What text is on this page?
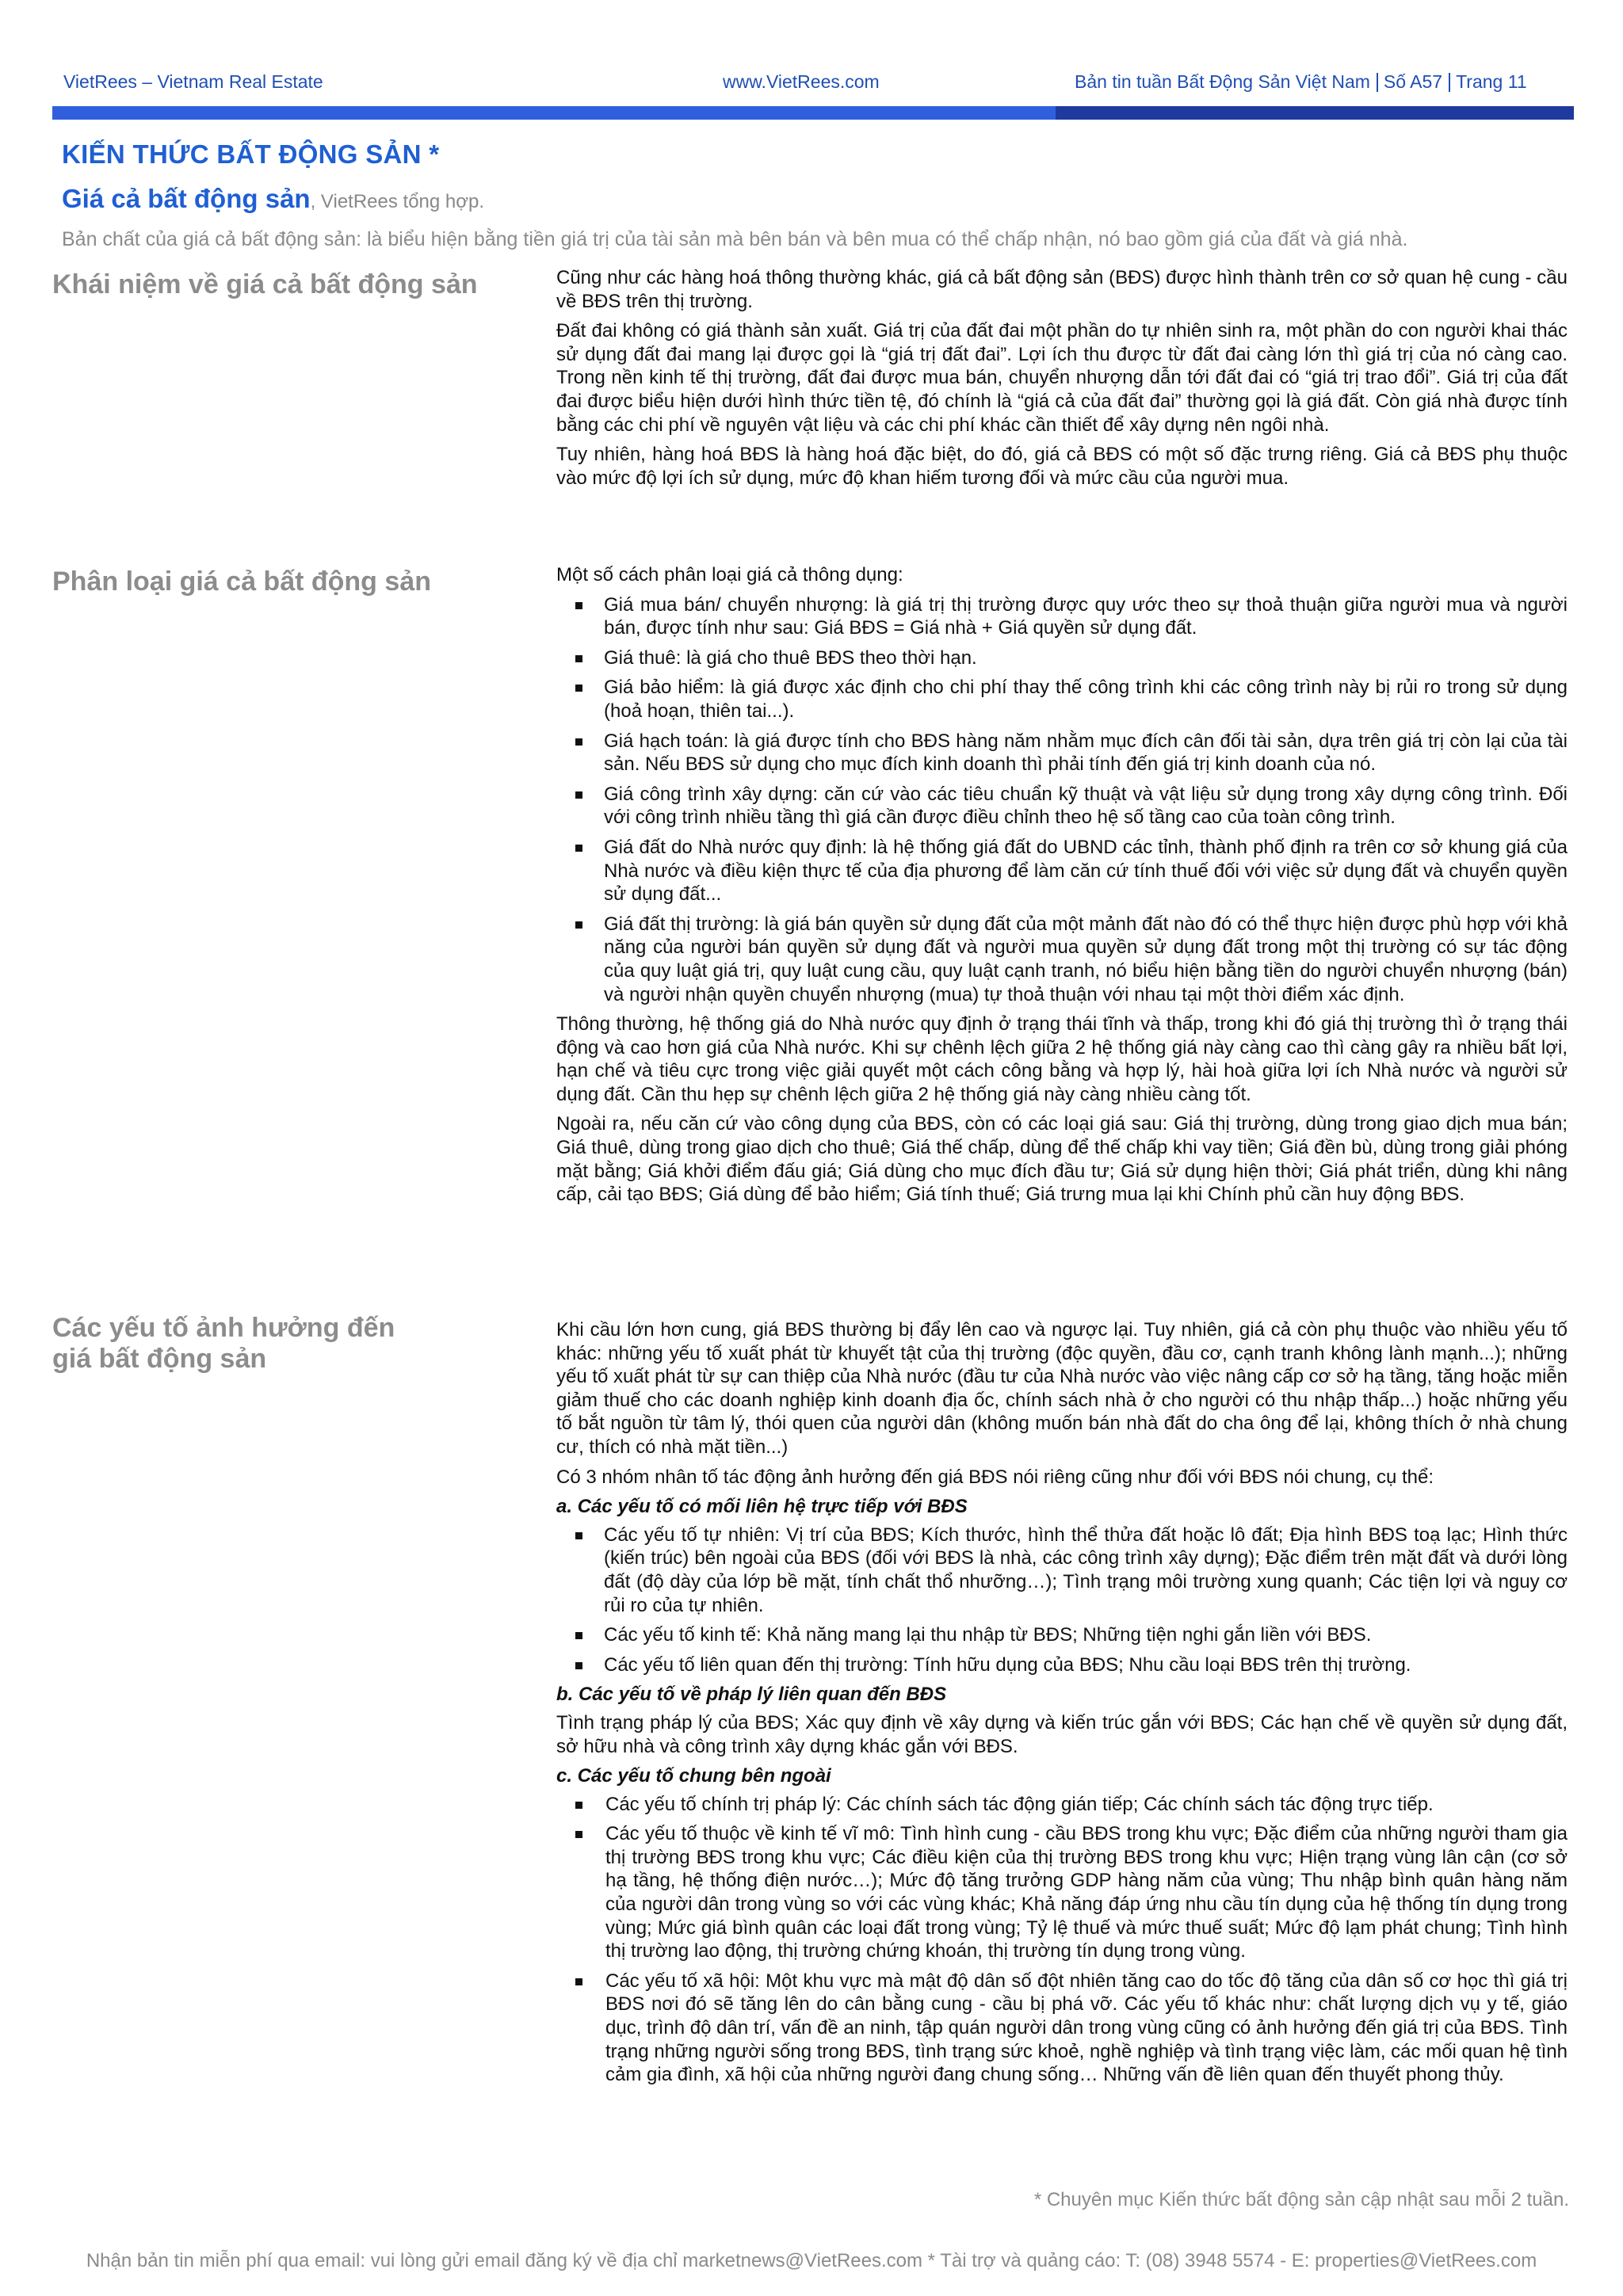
VietRees – Vietnam Real Estate	www.VietRees.com	Bản tin tuần Bất Động Sản Việt Nam Số A57 Trang 11
KIẾN THỨC BẤT ĐỘNG SẢN *
Giá cả bất động sản, VietRees tổng hợp.
Bản chất của giá cả bất động sản: là biểu hiện bằng tiền giá trị của tài sản mà bên bán và bên mua có thể chấp nhận, nó bao gồm giá của đất và giá nhà.
Khái niệm về giá cả bất động sản	Cũng như các hàng hoá thông thường khác, giá cả bất động sản (BĐS) được hình thành trên cơ sở quan hệ cung - cầu về BĐS trên thị trường.

Đất đai không có giá thành sản xuất. Giá trị của đất đai một phần do tự nhiên sinh ra, một phần do con người khai thác sử dụng đất đai mang lại được gọi là “giá trị đất đai”. Lợi ích thu được từ đất đai càng lớn thì giá trị của nó càng cao. Trong nền kinh tế thị trường, đất đai được mua bán, chuyển nhượng dẫn tới đất đai có “giá trị trao đổi”. Giá trị của đất đai được biểu hiện dưới hình thức tiền tệ, đó chính là “giá cả của đất đai” thường gọi là giá đất. Còn giá nhà được tính bằng các chi phí về nguyên vật liệu và các chi phí khác cần thiết để xây dựng nên ngôi nhà.

Tuy nhiên, hàng hoá BĐS là hàng hoá đặc biệt, do đó, giá cả BĐS có một số đặc trưng riêng. Giá cả BĐS phụ thuộc vào mức độ lợi ích sử dụng, mức độ khan hiếm tương đối và mức cầu của người mua.

Phân loại giá cả bất động sản	Một số cách phân loại giá cả thông dụng:

Giá mua bán/ chuyển nhượng: là giá trị thị trường được quy ước theo sự thoả thuận giữa người mua và người bán, được tính như sau: Giá BĐS = Giá nhà + Giá quyền sử dụng đất.
Giá thuê: là giá cho thuê BĐS theo thời hạn.
Giá bảo hiểm: là giá được xác định cho chi phí thay thế công trình khi các công trình này bị rủi ro trong sử dụng (hoả hoạn, thiên tai...).
Giá hạch toán: là giá được tính cho BĐS hàng năm nhằm mục đích cân đối tài sản, dựa trên giá trị còn lại của tài sản. Nếu BĐS sử dụng cho mục đích kinh doanh thì phải tính đến giá trị kinh doanh của nó.
Giá công trình xây dựng: căn cứ vào các tiêu chuẩn kỹ thuật và vật liệu sử dụng trong xây dựng công trình. Đối với công trình nhiều tầng thì giá cần được điều chỉnh theo hệ số tầng cao của toàn công trình.
Giá đất do Nhà nước quy định: là hệ thống giá đất do UBND các tỉnh, thành phố định ra trên cơ sở khung giá của Nhà nước và điều kiện thực tế của địa phương để làm căn cứ tính thuế đối với việc sử dụng đất và chuyển quyền sử dụng đất...
Giá đất thị trường: là giá bán quyền sử dụng đất của một mảnh đất nào đó có thể thực hiện được phù hợp với khả năng của người bán quyền sử dụng đất và người mua quyền sử dụng đất trong một thị trường có sự tác động của quy luật giá trị, quy luật cung cầu, quy luật cạnh tranh, nó biểu hiện bằng tiền do người chuyển nhượng (bán) và người nhận quyền chuyển nhượng (mua) tự thoả thuận với nhau tại một thời điểm xác định.

Thông thường, hệ thống giá do Nhà nước quy định ở trạng thái tĩnh và thấp, trong khi đó giá thị trường thì ở trạng thái động và cao hơn giá của Nhà nước. Khi sự chênh lệch giữa 2 hệ thống giá này càng cao thì càng gây ra nhiều bất lợi, hạn chế và tiêu cực trong việc giải quyết một cách công bằng và hợp lý, hài hoà giữa lợi ích Nhà nước và người sử dụng đất. Cần thu hẹp sự chênh lệch giữa 2 hệ thống giá này càng nhiều càng tốt.

Ngoài ra, nếu căn cứ vào công dụng của BĐS, còn có các loại giá sau: Giá thị trường, dùng trong giao dịch mua bán; Giá thuê, dùng trong giao dịch cho thuê; Giá thế chấp, dùng để thế chấp khi vay tiền; Giá đền bù, dùng trong giải phóng mặt bằng; Giá khởi điểm đấu giá; Giá dùng cho mục đích đầu tư; Giá sử dụng hiện thời; Giá phát triển, dùng khi nâng cấp, cải tạo BĐS; Giá dùng để bảo hiểm; Giá tính thuế; Giá trưng mua lại khi Chính phủ cần huy động BĐS.

Các yếu tố ảnh hưởng đến
giá bất động sản

Khi cầu lớn hơn cung, giá BĐS thường bị đẩy lên cao và ngược lại. Tuy nhiên, giá cả còn phụ thuộc vào nhiều yếu tố khác: những yếu tố xuất phát từ khuyết tật của thị trường (độc quyền, đầu cơ, cạnh tranh không lành mạnh...); những yếu tố xuất phát từ sự can thiệp của Nhà nước (đầu tư của Nhà nước vào việc nâng cấp cơ sở hạ tầng, tăng hoặc miễn giảm thuế cho các doanh nghiệp kinh doanh địa ốc, chính sách nhà ở cho người có thu nhập thấp...) hoặc những yếu tố bắt nguồn từ tâm lý, thói quen của người dân (không muốn bán nhà đất do cha ông để lại, không thích ở nhà chung cư, thích có nhà mặt tiền...)

Có 3 nhóm nhân tố tác động ảnh hưởng đến giá BĐS nói riêng cũng như đối với BĐS nói chung, cụ thể:

a. Các yếu tố có mối liên hệ trực tiếp với BĐS

Các yếu tố tự nhiên: Vị trí của BĐS; Kích thước, hình thể thửa đất hoặc lô đất; Địa hình BĐS toạ lạc; Hình thức (kiến trúc) bên ngoài của BĐS (đối với BĐS là nhà, các công trình xây dựng); Đặc điểm trên mặt đất và dưới lòng đất (độ dày của lớp bề mặt, tính chất thổ nhưỡng…); Tình trạng môi trường xung quanh; Các tiện lợi và nguy cơ rủi ro của tự nhiên.
Các yếu tố kinh tế: Khả năng mang lại thu nhập từ BĐS; Những tiện nghi gắn liền với BĐS.
Các yếu tố liên quan đến thị trường: Tính hữu dụng của BĐS; Nhu cầu loại BĐS trên thị trường.

b. Các yếu tố về pháp lý liên quan đến BĐS

Tình trạng pháp lý của BĐS; Xác quy định về xây dựng và kiến trúc gắn với BĐS; Các hạn chế về quyền sử dụng đất, sở hữu nhà và công trình xây dựng khác gắn với BĐS.

c. Các yếu tố chung bên ngoài

Các yếu tố chính trị pháp lý: Các chính sách tác động gián tiếp; Các chính sách tác động trực tiếp.
Các yếu tố thuộc về kinh tế vĩ mô: Tình hình cung - cầu BĐS trong khu vực; Đặc điểm của những người tham gia thị trường BĐS trong khu vực; Các điều kiện của thị trường BĐS trong khu vực; Hiện trạng vùng lân cận (cơ sở hạ tầng, hệ thống điện nước…); Mức độ tăng trưởng GDP hàng năm của vùng; Thu nhập bình quân hàng năm của người dân trong vùng so với các vùng khác; Khả năng đáp ứng nhu cầu tín dụng của hệ thống tín dụng trong vùng; Mức giá bình quân các loại đất trong vùng; Tỷ lệ thuế và mức thuế suất; Mức độ lạm phát chung; Tình hình thị trường lao động, thị trường chứng khoán, thị trường tín dụng trong vùng.
Các yếu tố xã hội: Một khu vực mà mật độ dân số đột nhiên tăng cao do tốc độ tăng của dân số cơ học thì giá trị BĐS nơi đó sẽ tăng lên do cân bằng cung - cầu bị phá vỡ. Các yếu tố khác như: chất lượng dịch vụ y tế, giáo dục, trình độ dân trí, vấn đề an ninh, tập quán người dân trong vùng cũng có ảnh hưởng đến giá trị của BĐS. Tình trạng những người sống trong BĐS, tình trạng sức khoẻ, nghề nghiệp và tình trạng việc làm, các mối quan hệ tình cảm gia đình, xã hội của những người đang chung sống… Những vấn đề liên quan đến thuyết phong thủy.
* Chuyên mục Kiến thức bất động sản cập nhật sau mỗi 2 tuần.
Nhận bản tin miễn phí qua email: vui lòng gửi email đăng ký về địa chỉ marketnews@VietRees.com * Tài trợ và quảng cáo: T: (08) 3948 5574 - E: properties@VietRees.com
